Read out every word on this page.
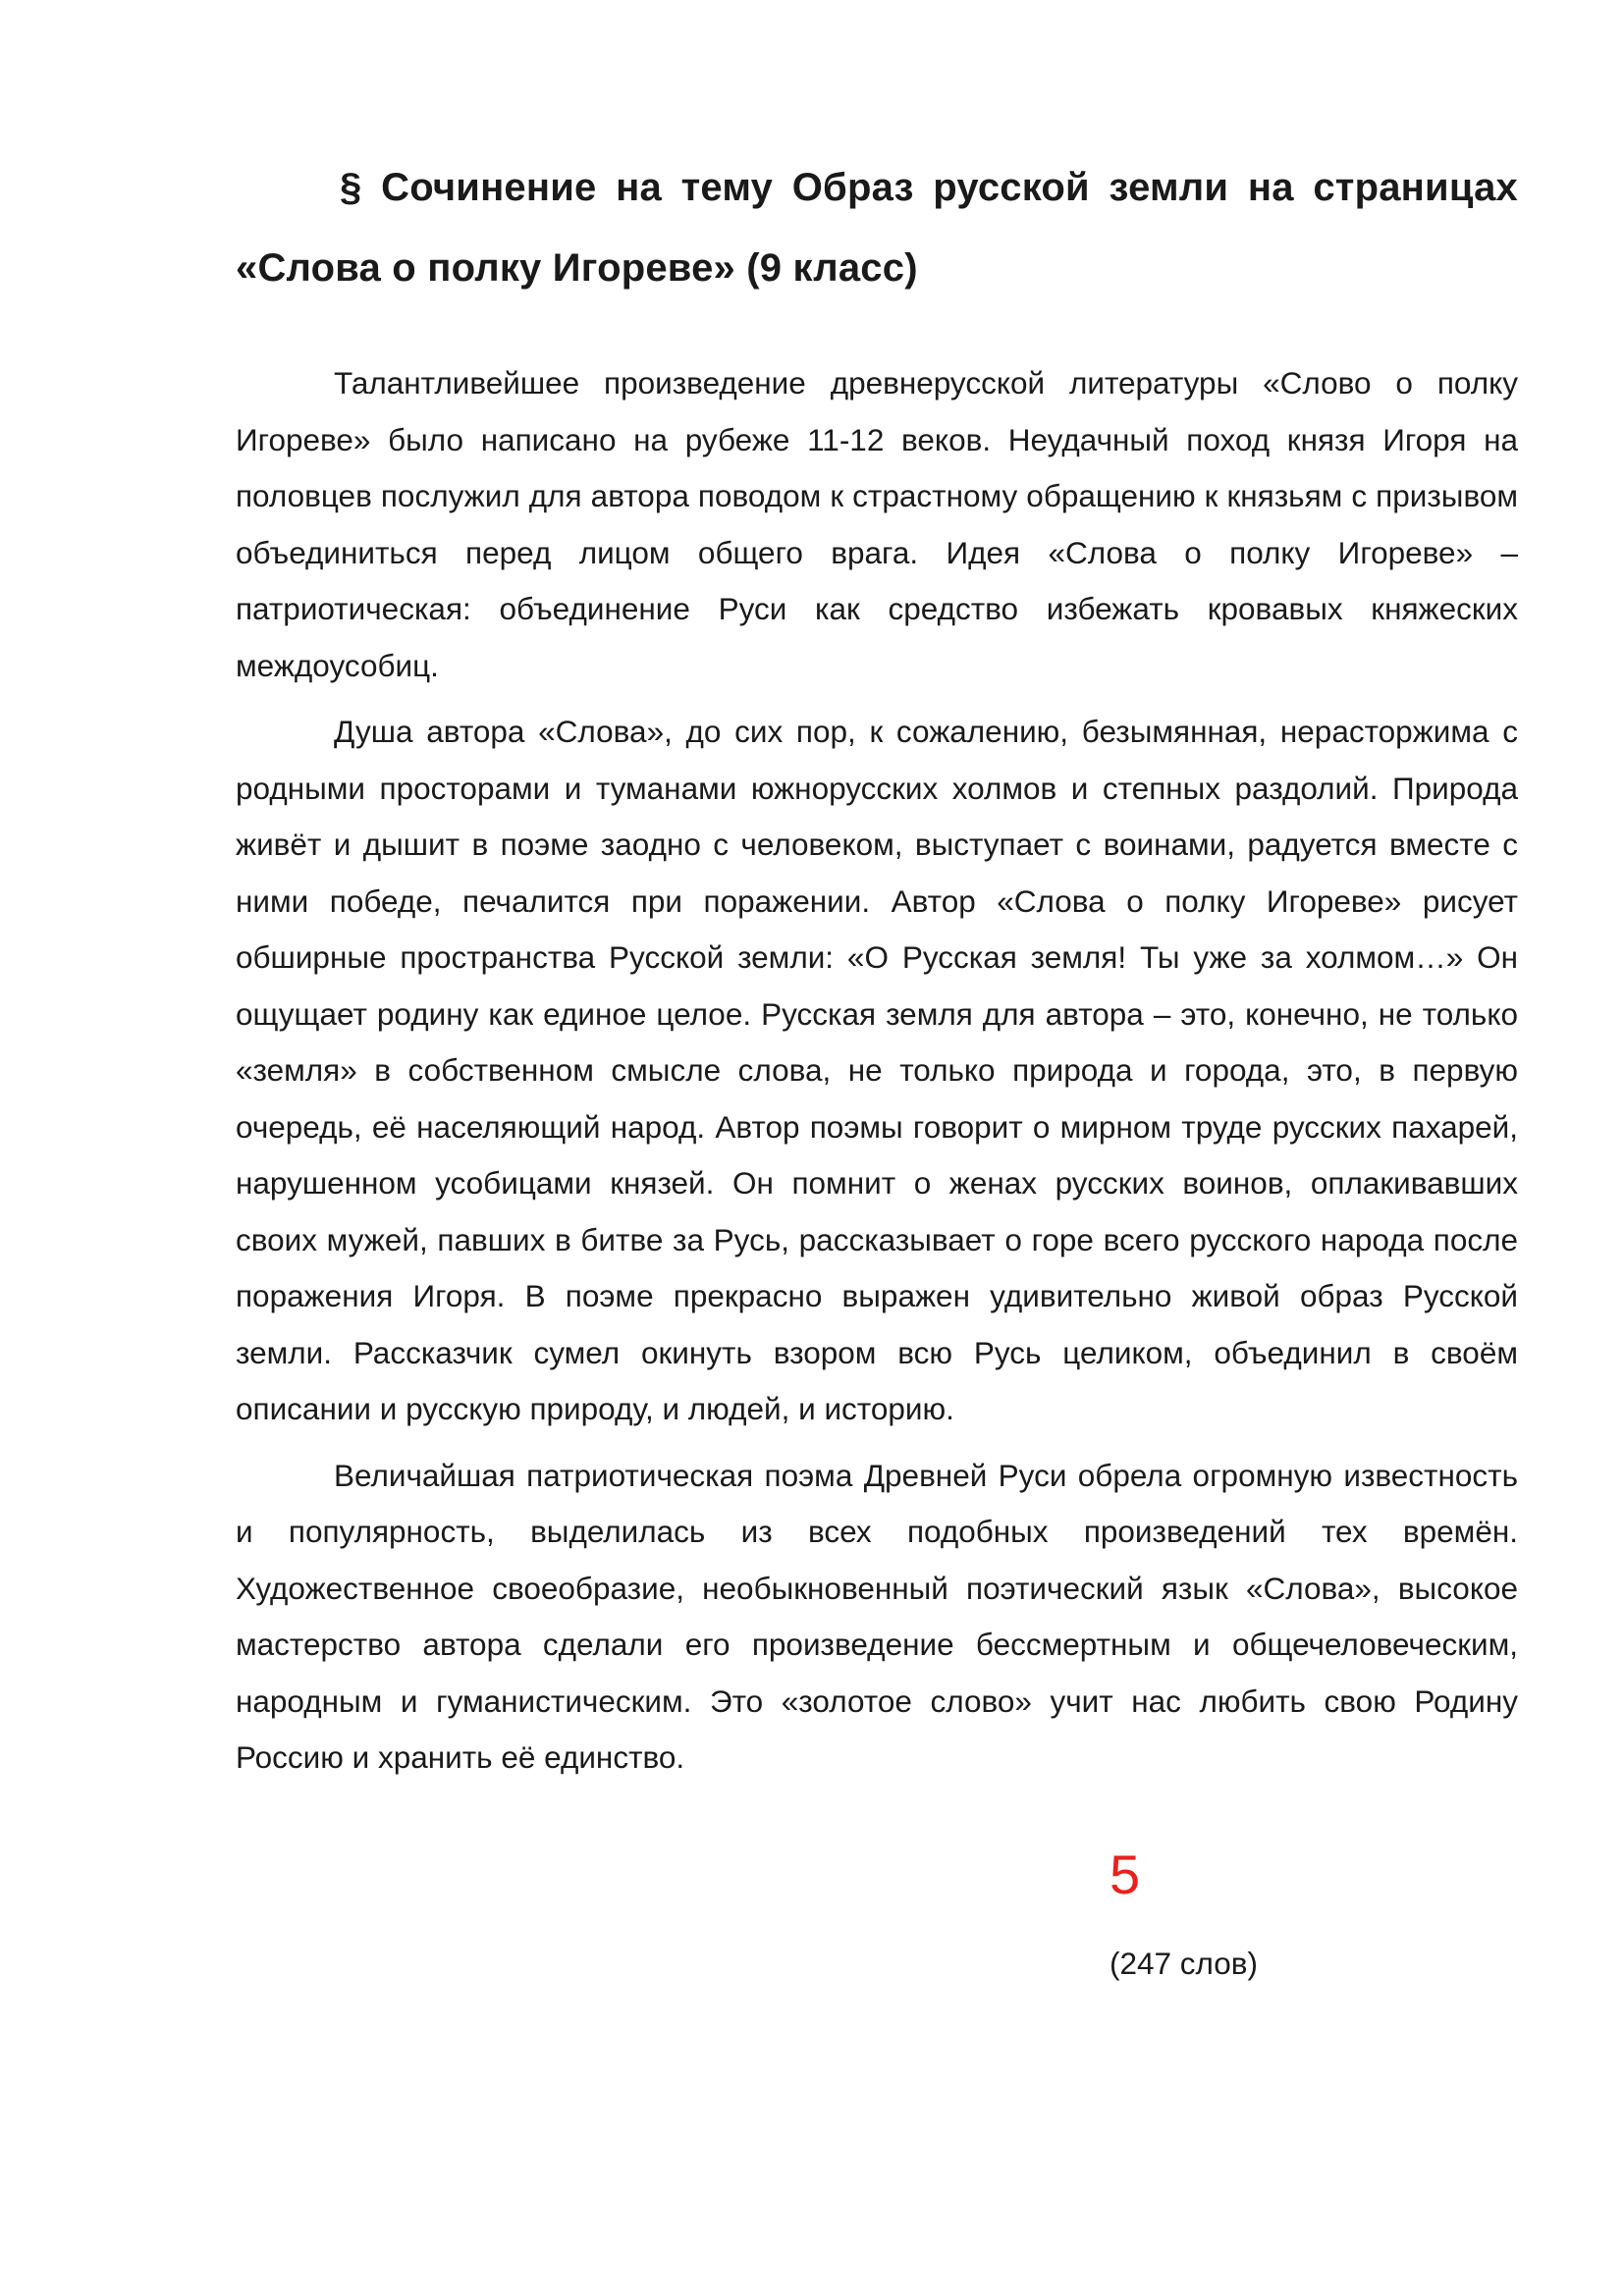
§ Сочинение на тему Образ русской земли на страницах «Слова о полку Игореве» (9 класс)

Талантливейшее произведение древнерусской литературы «Слово о полку Игореве» было написано на рубеже 11-12 веков. Неудачный поход князя Игоря на половцев послужил для автора поводом к страстному обращению к князьям с призывом объединиться перед лицом общего врага. Идея «Слова о полку Игореве» – патриотическая: объединение Руси как средство избежать кровавых княжеских междоусобиц.

Душа автора «Слова», до сих пор, к сожалению, безымянная, нерасторжима с родными просторами и туманами южнорусских холмов и степных раздолий. Природа живёт и дышит в поэме заодно с человеком, выступает с воинами, радуется вместе с ними победе, печалится при поражении. Автор «Слова о полку Игореве» рисует обширные пространства Русской земли: «О Русская земля! Ты уже за холмом…» Он ощущает родину как единое целое. Русская земля для автора – это, конечно, не только «земля» в собственном смысле слова, не только природа и города, это, в первую очередь, её населяющий народ. Автор поэмы говорит о мирном труде русских пахарей, нарушенном усобицами князей. Он помнит о женах русских воинов, оплакивавших своих мужей, павших в битве за Русь, рассказывает о горе всего русского народа после поражения Игоря. В поэме прекрасно выражен удивительно живой образ Русской земли. Рассказчик сумел окинуть взором всю Русь целиком, объединил в своём описании и русскую природу, и людей, и историю.

Величайшая патриотическая поэма Древней Руси обрела огромную известность и популярность, выделилась из всех подобных произведений тех времён. Художественное своеобразие, необыкновенный поэтический язык «Слова», высокое мастерство автора сделали его произведение бессмертным и общечеловеческим, народным и гуманистическим. Это «золотое слово» учит нас любить свою Родину Россию и хранить её единство.

5

(247 слов)
